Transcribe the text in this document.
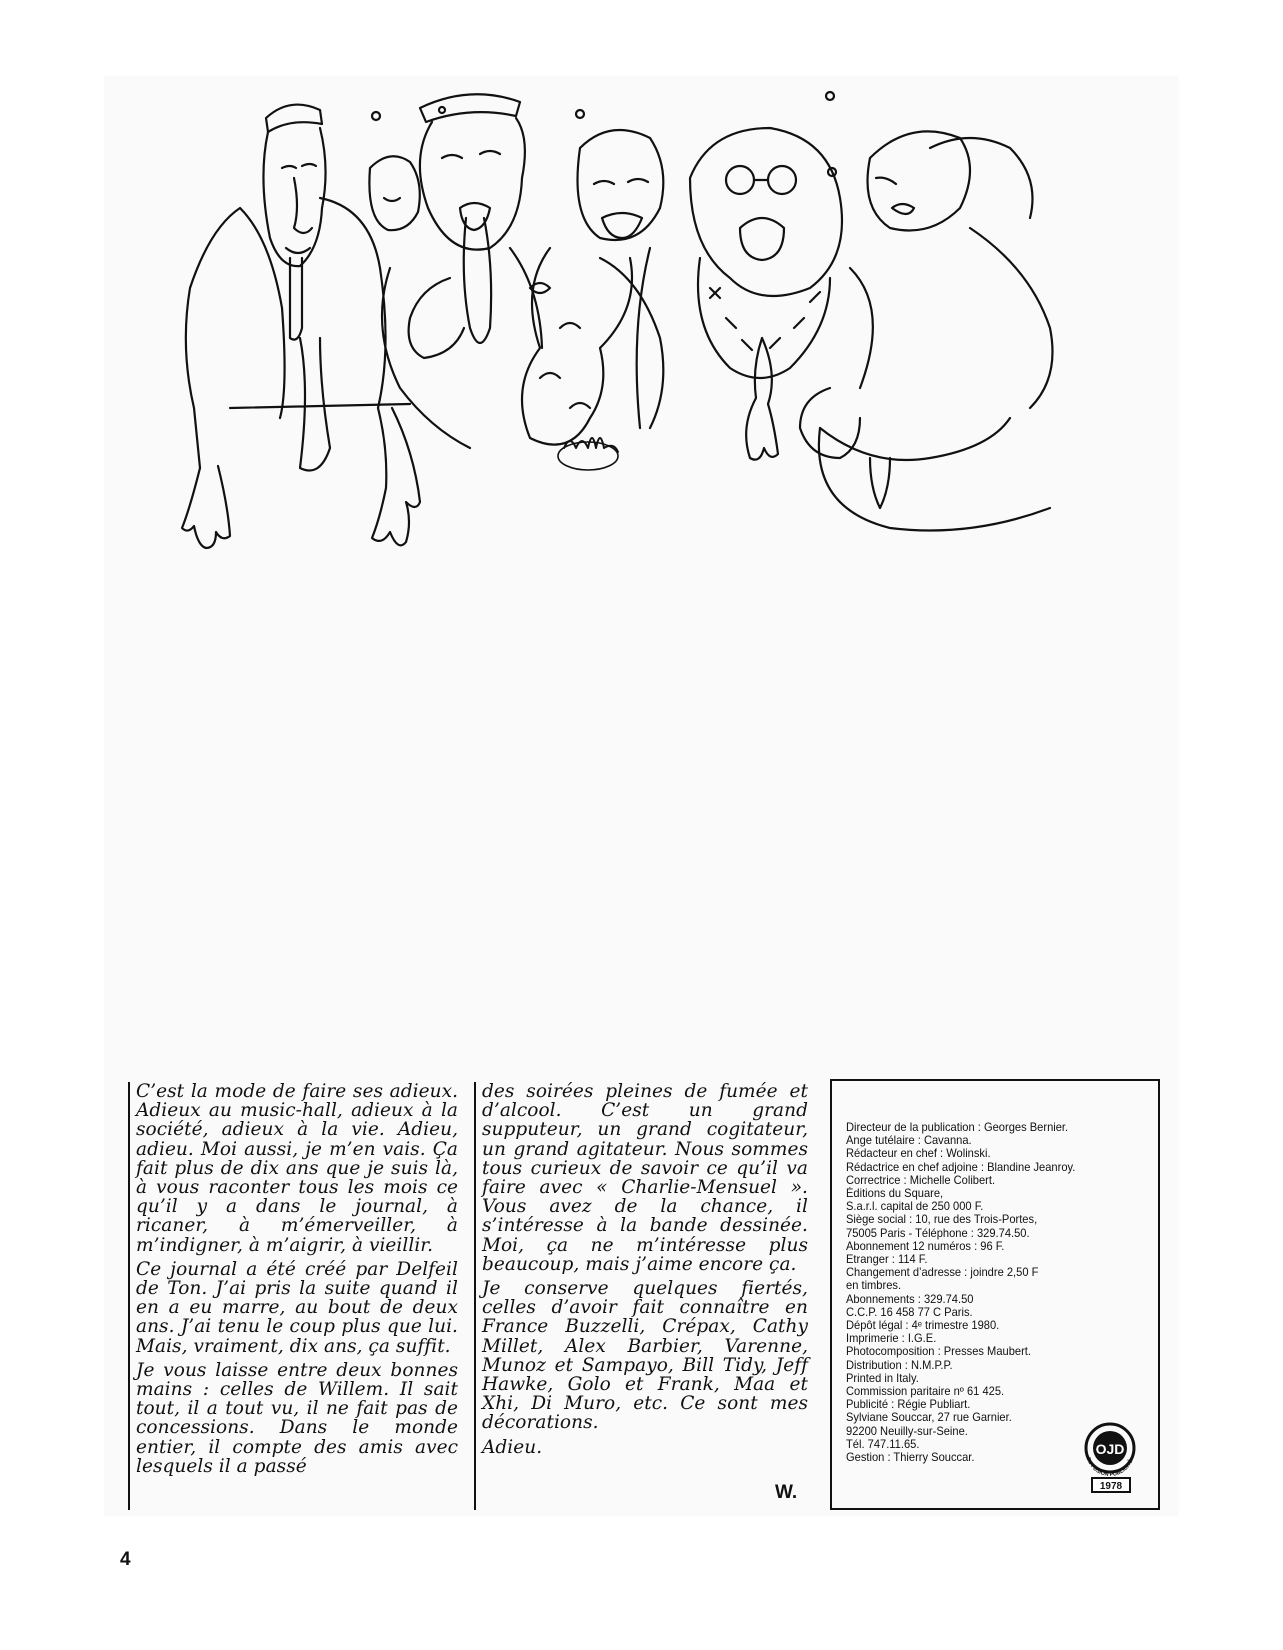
C’est la mode de faire ses adieux. Adieux au music-hall, adieux à la société, adieux à la vie. Adieu, adieu. Moi aussi, je m’en vais. Ça fait plus de dix ans que je suis là, à vous raconter tous les mois ce qu’il y a dans le journal, à ricaner, à m’émerveiller, à m’indigner, à m’aigrir, à vieillir.

Ce journal a été créé par Delfeil de Ton. J’ai pris la suite quand il en a eu marre, au bout de deux ans. J’ai tenu le coup plus que lui. Mais, vraiment, dix ans, ça suffit.

Je vous laisse entre deux bonnes mains : celles de Willem. Il sait tout, il a tout vu, il ne fait pas de concessions. Dans le monde entier, il compte des amis avec lesquels il a passé

des soirées pleines de fumée et d’alcool. C’est un grand supputeur, un grand cogitateur, un grand agitateur. Nous sommes tous curieux de savoir ce qu’il va faire avec « Charlie-Mensuel ». Vous avez de la chance, il s’intéresse à la bande dessinée. Moi, ça ne m’intéresse plus beaucoup, mais j’aime encore ça.

Je conserve quelques fiertés, celles d’avoir fait connaître en France Buzzelli, Crépax, Cathy Millet, Alex Barbier, Varenne, Munoz et Sampayo, Bill Tidy, Jeff Hawke, Golo et Frank, Maa et Xhi, Di Muro, etc. Ce sont mes décorations.

Adieu.

W.
Directeur de la publication : Georges Bernier.
Ange tutélaire : Cavanna.
Rédacteur en chef : Wolinski.
Rédactrice en chef adjoine : Blandine Jeanroy.
Correctrice : Michelle Colibert.
Éditions du Square,
S.a.r.l. capital de 250 000 F.
Siège social : 10, rue des Trois-Portes,
75005 Paris - Téléphone : 329.74.50.
Abonnement 12 numéros : 96 F.
Etranger : 114 F.
Changement d’adresse : joindre 2,50 F
en timbres.
Abonnements : 329.74.50
C.C.P. 16 458 77 C Paris.
Dépôt légal : 4ᵉ trimestre 1980.
Imprimerie : I.G.E.
Photocomposition : Presses Maubert.
Distribution : N.M.P.P.
Printed in Italy.
Commission paritaire nº 61 425.
Publicité : Régie Publiart.
Sylviane Souccar, 27 rue Garnier.
92200 Neuilly-sur-Seine.
Tél. 747.11.65.
Gestion : Thierry Souccar.
OJD
DIFFUSION PUBLICITÉ
1978
4
